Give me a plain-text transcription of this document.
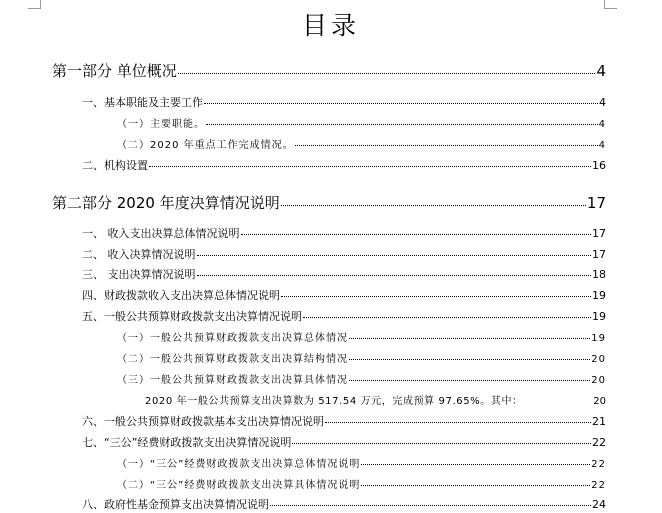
目录
第一部分 单位概况	4
一、基本职能及主要工作	4
（一）主要职能。	4
（二）2020 年重点工作完成情况。	4
二、机构设置	16
第二部分 2020 年度决算情况说明	17
一、 收入支出决算总体情况说明	17
二、 收入决算情况说明	17
三、 支出决算情况说明	18
四、财政拨款收入支出决算总体情况说明	19
五、一般公共预算财政拨款支出决算情况说明	19
（一）一般公共预算财政拨款支出决算总体情况	19
（二）一般公共预算财政拨款支出决算结构情况	20
（三）一般公共预算财政拨款支出决算具体情况	20
2020 年一般公共预算支出决算数为 517.54 万元，完成预算 97.65%。其中：	20
六、一般公共预算财政拨款基本支出决算情况说明	21
七、“三公”经费财政拨款支出决算情况说明	22
（一）“三公”经费财政拨款支出决算总体情况说明	22
（二）“三公”经费财政拨款支出决算具体情况说明	22
八、政府性基金预算支出决算情况说明	24
